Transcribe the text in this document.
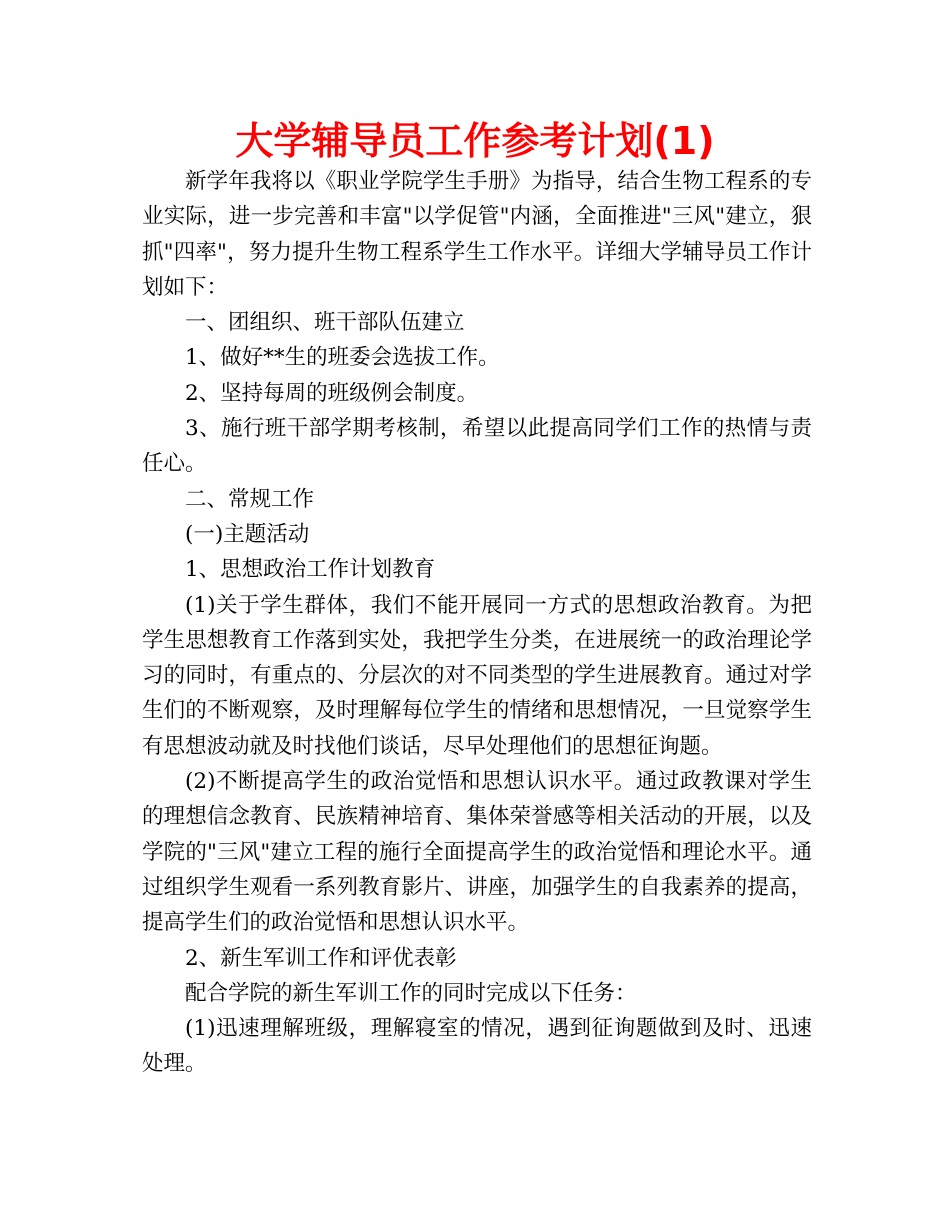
大学辅导员工作参考计划(1)

新学年我将以《职业学院学生手册》为指导，结合生物工程系的专业实际，进一步完善和丰富"以学促管"内涵，全面推进"三风"建立，狠抓"四率"，努力提升生物工程系学生工作水平。详细大学辅导员工作计划如下：

一、团组织、班干部队伍建立

1、做好**生的班委会选拔工作。

2、坚持每周的班级例会制度。

3、施行班干部学期考核制，希望以此提高同学们工作的热情与责任心。

二、常规工作

(一)主题活动

1、思想政治工作计划教育

(1)关于学生群体，我们不能开展同一方式的思想政治教育。为把学生思想教育工作落到实处，我把学生分类，在进展统一的政治理论学习的同时，有重点的、分层次的对不同类型的学生进展教育。通过对学生们的不断观察，及时理解每位学生的情绪和思想情况，一旦觉察学生有思想波动就及时找他们谈话，尽早处理他们的思想征询题。

(2)不断提高学生的政治觉悟和思想认识水平。通过政教课对学生的理想信念教育、民族精神培育、集体荣誉感等相关活动的开展，以及学院的"三风"建立工程的施行全面提高学生的政治觉悟和理论水平。通过组织学生观看一系列教育影片、讲座，加强学生的自我素养的提高，提高学生们的政治觉悟和思想认识水平。

2、新生军训工作和评优表彰

配合学院的新生军训工作的同时完成以下任务：

(1)迅速理解班级，理解寝室的情况，遇到征询题做到及时、迅速处理。
